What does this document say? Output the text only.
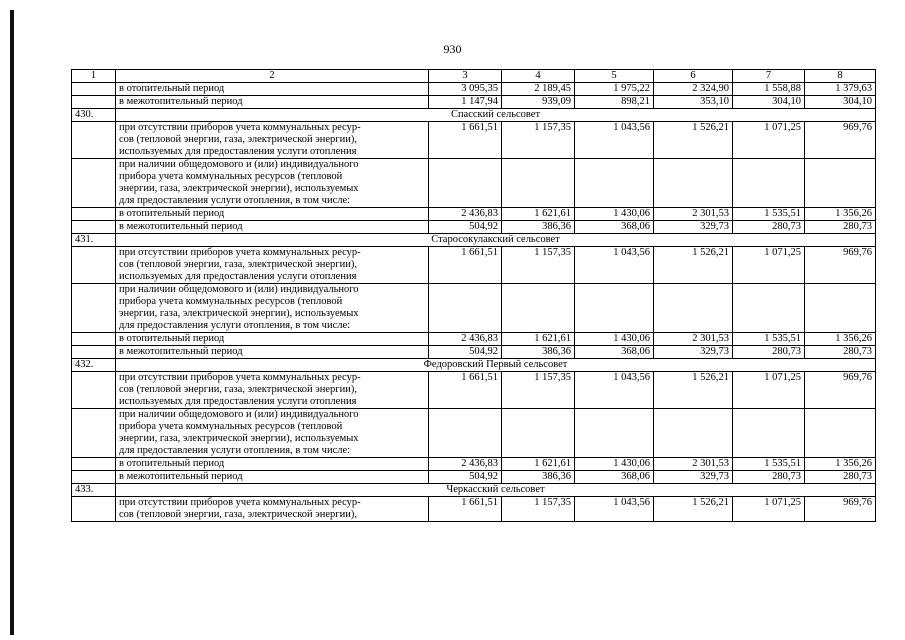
930
1	2	3	4	5	6	7	8
	в отопительный период	3 095,35	2 189,45	1 975,22	2 324,90	1 558,88	1 379,63
	в межотопительный период	1 147,94	939,09	898,21	353,10	304,10	304,10
430.	Спасский сельсовет						
	при отсутствии приборов учета коммунальных ресур-
сов (тепловой энергии, газа, электрической энергии),
используемых для предоставления услуги отопления	1 661,51	1 157,35	1 043,56	1 526,21	1 071,25	969,76
	при наличии общедомового и (или) индивидуального
прибора учета коммунальных ресурсов (тепловой
энергии, газа, электрической энергии), используемых
для предоставления услуги отопления, в том числе:						
	в отопительный период	2 436,83	1 621,61	1 430,06	2 301,53	1 535,51	1 356,26
	в межотопительный период	504,92	386,36	368,06	329,73	280,73	280,73
431.	Старосокулакский сельсовет						
	при отсутствии приборов учета коммунальных ресур-
сов (тепловой энергии, газа, электрической энергии),
используемых для предоставления услуги отопления	1 661,51	1 157,35	1 043,56	1 526,21	1 071,25	969,76
	при наличии общедомового и (или) индивидуального
прибора учета коммунальных ресурсов (тепловой
энергии, газа, электрической энергии), используемых
для предоставления услуги отопления, в том числе:						
	в отопительный период	2 436,83	1 621,61	1 430,06	2 301,53	1 535,51	1 356,26
	в межотопительный период	504,92	386,36	368,06	329,73	280,73	280,73
432.	Федоровский Первый сельсовет						
	при отсутствии приборов учета коммунальных ресур-
сов (тепловой энергии, газа, электрической энергии),
используемых для предоставления услуги отопления	1 661,51	1 157,35	1 043,56	1 526,21	1 071,25	969,76
	при наличии общедомового и (или) индивидуального
прибора учета коммунальных ресурсов (тепловой
энергии, газа, электрической энергии), используемых
для предоставления услуги отопления, в том числе:						
	в отопительный период	2 436,83	1 621,61	1 430,06	2 301,53	1 535,51	1 356,26
	в межотопительный период	504,92	386,36	368,06	329,73	280,73	280,73
433.	Черкасский сельсовет						
	при отсутствии приборов учета коммунальных ресур-
сов (тепловой энергии, газа, электрической энергии),	1 661,51	1 157,35	1 043,56	1 526,21	1 071,25	969,76
